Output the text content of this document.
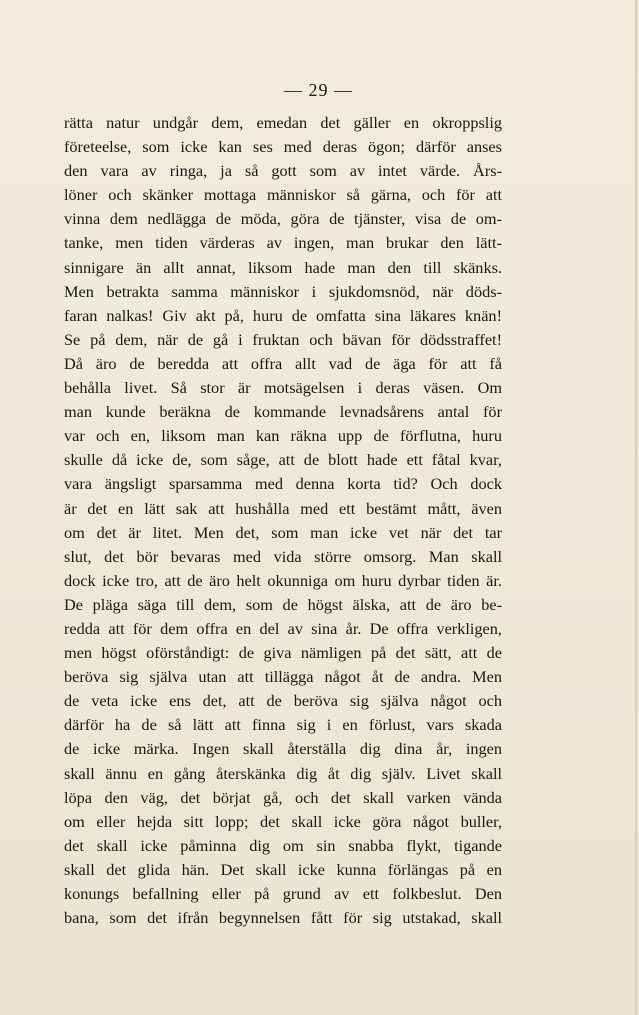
— 29 —
rätta natur undgår dem, emedan det gäller en okroppslig
företeelse, som icke kan ses med deras ögon; därför anses
den vara av ringa, ja så gott som av intet värde. Års-
löner och skänker mottaga människor så gärna, och för att
vinna dem nedlägga de möda, göra de tjänster, visa de om-
tanke, men tiden värderas av ingen, man brukar den lätt-
sinnigare än allt annat, liksom hade man den till skänks.
Men betrakta samma människor i sjukdomsnöd, när döds-
faran nalkas! Giv akt på, huru de omfatta sina läkares knän!
Se på dem, när de gå i fruktan och bävan för dödsstraffet!
Då äro de beredda att offra allt vad de äga för att få
behålla livet. Så stor är motsägelsen i deras väsen. Om
man kunde beräkna de kommande levnadsårens antal för
var och en, liksom man kan räkna upp de förflutna, huru
skulle då icke de, som såge, att de blott hade ett fåtal kvar,
vara ängsligt sparsamma med denna korta tid? Och dock
är det en lätt sak att hushålla med ett bestämt mått, även
om det är litet. Men det, som man icke vet när det tar
slut, det bör bevaras med vida större omsorg. Man skall
dock icke tro, att de äro helt okunniga om huru dyrbar tiden är.
De pläga säga till dem, som de högst älska, att de äro be-
redda att för dem offra en del av sina år. De offra verkligen,
men högst oförståndigt: de giva nämligen på det sätt, att de
beröva sig själva utan att tillägga något åt de andra. Men
de veta icke ens det, att de beröva sig själva något och
därför ha de så lätt att finna sig i en förlust, vars skada
de icke märka. Ingen skall återställa dig dina år, ingen
skall ännu en gång återskänka dig åt dig själv. Livet skall
löpa den väg, det börjat gå, och det skall varken vända
om eller hejda sitt lopp; det skall icke göra något buller,
det skall icke påminna dig om sin snabba flykt, tigande
skall det glida hän. Det skall icke kunna förlängas på en
konungs befallning eller på grund av ett folkbeslut. Den
bana, som det ifrån begynnelsen fått för sig utstakad, skall
